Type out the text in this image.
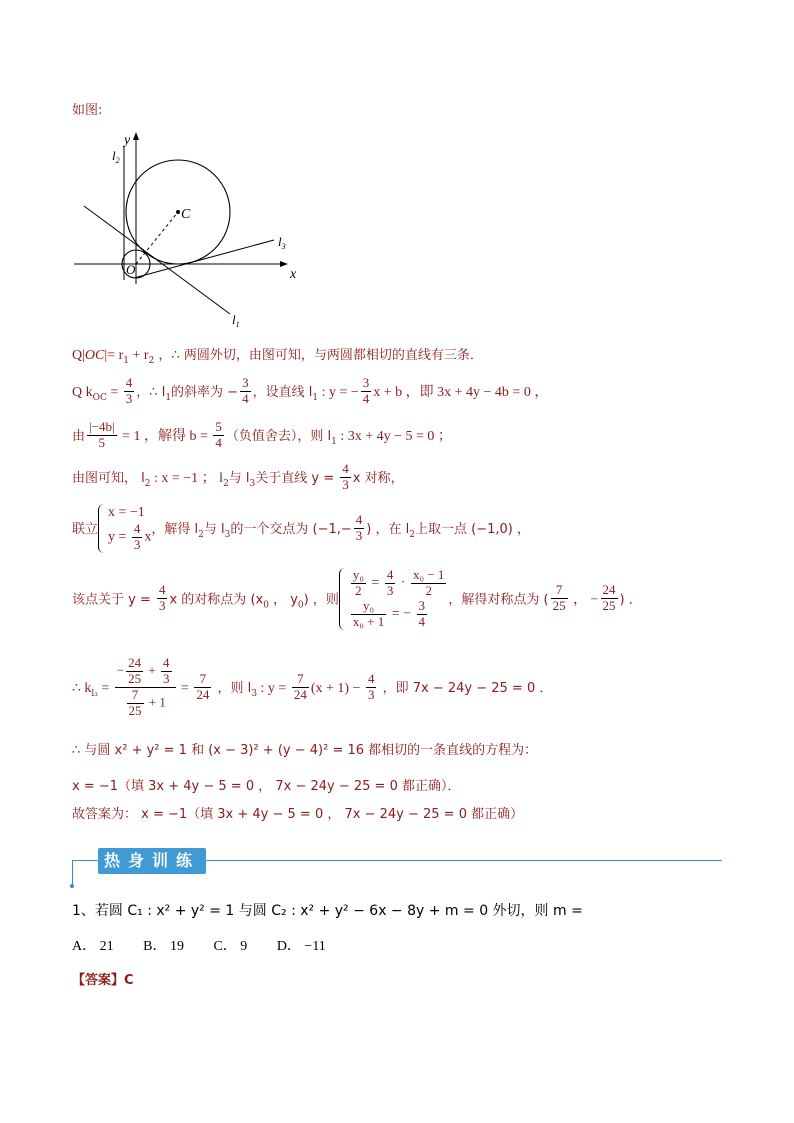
如图:
C
O
y
x
$l_2$
$l_3$
$l_1$
$Q|OC|= r_1 + r_2$ ，∴ 两圆外切，由图可知，与两圆都相切的直线有三条．
Q $k_{OC} = \frac{4}{3}$ ，∴ $l_1$的斜率为 − $\frac{3}{4}$ ，设直线 $l_1$ : y = − $\frac{3}{4}$ x + b ，即 3x + 4y − 4b = 0 ，
由 $\frac{|-4b|}{5} = 1$ ，解得 $b = \frac{5}{4}$ （负值舍去），则 $l_1$ : 3x + 4y − 5 = 0 ；
由图可知， $l_2$ : x = −1 ； $l_2$与 $l_3$关于直线 $y = \frac{4}{3}$ x 对称，
联立
x = −1
$y = \frac{4}{3}$ x
，解得 $l_2$与 $l_3$的一个交点为 ($-1,- \frac{4}{3}$ ) ，在 $l_2$上取一点 (−1,0) ，
该点关于 $y = \frac{4}{3}$ x 的对称点为 ($x_0$ ， $y_0$) ，则
$\frac{\text{y₀}}{2} = \frac{4}{3} \cdot \frac{\text{x₀ − 1}}{2}$
$\frac{\text{y₀}}{\text{x₀ + 1}}$ = − $\frac{3}{4}$ ，解得对称点为 ( $\frac{7}{25}$ ， − $\frac{24}{25}$ ) ．
∴ $k_{l_3} = \frac{- \frac{24}{25} + \frac{4}{3}}{\frac{7}{25} + 1} = \frac{7}{24}$ ，则 $l_3$ : $y = \frac{7}{24} (x + 1) - \frac{4}{3}$ ，即 7x − 24y − 25 = 0 ．
∴ 与圆 x² + y² = 1 和 (x − 3)² + (y − 4)² = 16 都相切的一条直线的方程为：
x = −1（填 3x + 4y − 5 = 0 ， 7x − 24y − 25 = 0 都正确）．
故答案为： x = −1（填 3x + 4y − 5 = 0 ， 7x − 24y − 25 = 0 都正确）
热身训练
1、若圆 C₁ : x² + y² = 1 与圆 C₂ : x² + y² − 6x − 8y + m = 0 外切，则 m =
A． 21 B． 19 C． 9 D． −11
【答案】C
